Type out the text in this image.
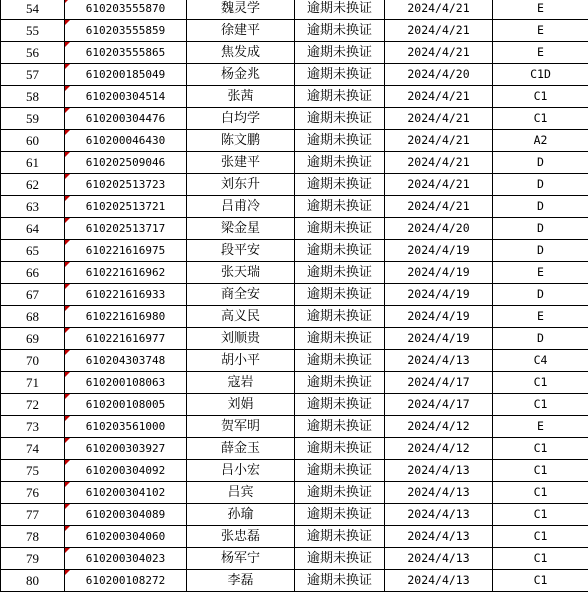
54	610203555870	魏灵学	逾期未换证	2024/4/21	E
55	610203555859	徐建平	逾期未换证	2024/4/21	E
56	610203555865	焦发成	逾期未换证	2024/4/21	E
57	610200185049	杨金兆	逾期未换证	2024/4/20	C1D
58	610200304514	张茜	逾期未换证	2024/4/21	C1
59	610200304476	白均学	逾期未换证	2024/4/21	C1
60	610200046430	陈文鹏	逾期未换证	2024/4/21	A2
61	610202509046	张建平	逾期未换证	2024/4/21	D
62	610202513723	刘东升	逾期未换证	2024/4/21	D
63	610202513721	吕甫冷	逾期未换证	2024/4/21	D
64	610202513717	梁金星	逾期未换证	2024/4/20	D
65	610221616975	段平安	逾期未换证	2024/4/19	D
66	610221616962	张天瑞	逾期未换证	2024/4/19	E
67	610221616933	商全安	逾期未换证	2024/4/19	D
68	610221616980	高义民	逾期未换证	2024/4/19	E
69	610221616977	刘顺贵	逾期未换证	2024/4/19	D
70	610204303748	胡小平	逾期未换证	2024/4/13	C4
71	610200108063	寇岩	逾期未换证	2024/4/17	C1
72	610200108005	刘娟	逾期未换证	2024/4/17	C1
73	610203561000	贺军明	逾期未换证	2024/4/12	E
74	610200303927	薛金玉	逾期未换证	2024/4/12	C1
75	610200304092	吕小宏	逾期未换证	2024/4/13	C1
76	610200304102	吕宾	逾期未换证	2024/4/13	C1
77	610200304089	孙瑜	逾期未换证	2024/4/13	C1
78	610200304060	张忠磊	逾期未换证	2024/4/13	C1
79	610200304023	杨军宁	逾期未换证	2024/4/13	C1
80	610200108272	李磊	逾期未换证	2024/4/13	C1
